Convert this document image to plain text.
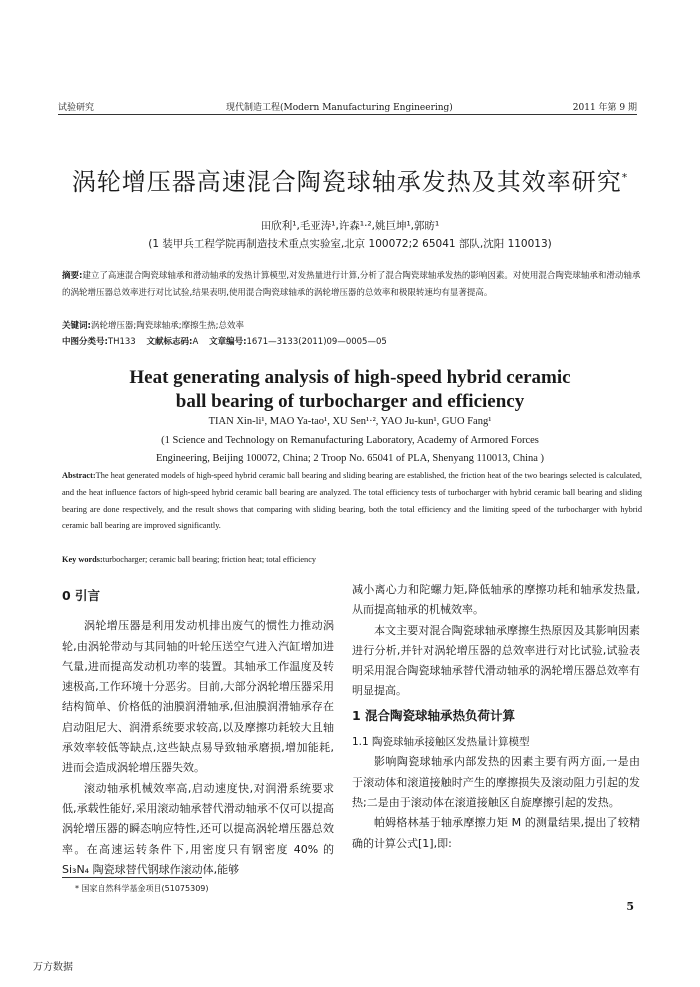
试验研究	现代制造工程(Modern Manufacturing Engineering)	2011 年第 9 期
涡轮增压器高速混合陶瓷球轴承发热及其效率研究*
田欣利¹,毛亚涛¹,许森¹·²,姚巨坤¹,郭昉¹
(1 装甲兵工程学院再制造技术重点实验室,北京 100072;2 65041 部队,沈阳 110013)
摘要:建立了高速混合陶瓷球轴承和滑动轴承的发热计算模型,对发热量进行计算,分析了混合陶瓷球轴承发热的影响因素。对使用混合陶瓷球轴承和滑动轴承的涡轮增压器总效率进行对比试验,结果表明,使用混合陶瓷球轴承的涡轮增压器的总效率和极限转速均有显著提高。
关键词:涡轮增压器;陶瓷球轴承;摩擦生热;总效率
中图分类号:TH133 文献标志码:A 文章编号:1671—3133(2011)09—0005—05
Heat generating analysis of high-speed hybrid ceramic
ball bearing of turbocharger and efficiency
TIAN Xin-li¹, MAO Ya-tao¹, XU Sen¹·², YAO Ju-kun¹, GUO Fang¹
(1 Science and Technology on Remanufacturing Laboratory, Academy of Armored Forces
Engineering, Beijing 100072, China; 2 Troop No. 65041 of PLA, Shenyang 110013, China )
Abstract:The heat generated models of high-speed hybrid ceramic ball bearing and sliding bearing are established, the friction heat of the two bearings selected is calculated, and the heat influence factors of high-speed hybrid ceramic ball bearing are analyzed. The total efficiency tests of turbocharger with hybrid ceramic ball bearing and sliding bearing are done respectively, and the result shows that comparing with sliding bearing, both the total efficiency and the limiting speed of the turbocharger with hybrid ceramic ball bearing are improved significantly.
Key words:turbocharger; ceramic ball bearing; friction heat; total efficiency
0 引言

涡轮增压器是利用发动机排出废气的惯性力推动涡轮,由涡轮带动与其同轴的叶轮压送空气进入汽缸增加进气量,进而提高发动机功率的装置。其轴承工作温度及转速极高,工作环境十分恶劣。目前,大部分涡轮增压器采用结构简单、价格低的油膜润滑轴承,但油膜润滑轴承存在启动阻尼大、润滑系统要求较高,以及摩擦功耗较大且轴承效率较低等缺点,这些缺点易导致轴承磨损,增加能耗,进而会造成涡轮增压器失效。

滚动轴承机械效率高,启动速度快,对润滑系统要求低,承载性能好,采用滚动轴承替代滑动轴承不仅可以提高涡轮增压器的瞬态响应特性,还可以提高涡轮增压器总效率。在高速运转条件下,用密度只有钢密度 40% 的 Si₃N₄ 陶瓷球替代钢球作滚动体,能够

减小离心力和陀螺力矩,降低轴承的摩擦功耗和轴承发热量,从而提高轴承的机械效率。

本文主要对混合陶瓷球轴承摩擦生热原因及其影响因素进行分析,并针对涡轮增压器的总效率进行对比试验,试验表明采用混合陶瓷球轴承替代滑动轴承的涡轮增压器总效率有明显提高。

1 混合陶瓷球轴承热负荷计算
1.1 陶瓷球轴承接触区发热量计算模型

影响陶瓷球轴承内部发热的因素主要有两方面,一是由于滚动体和滚道接触时产生的摩擦损失及滚动阻力引起的发热;二是由于滚动体在滚道接触区自旋摩擦引起的发热。

帕姆格林基于轴承摩擦力矩 M 的测量结果,提出了较精确的计算公式[1],即:

* 国家自然科学基金项目(51075309)
5
万方数据
